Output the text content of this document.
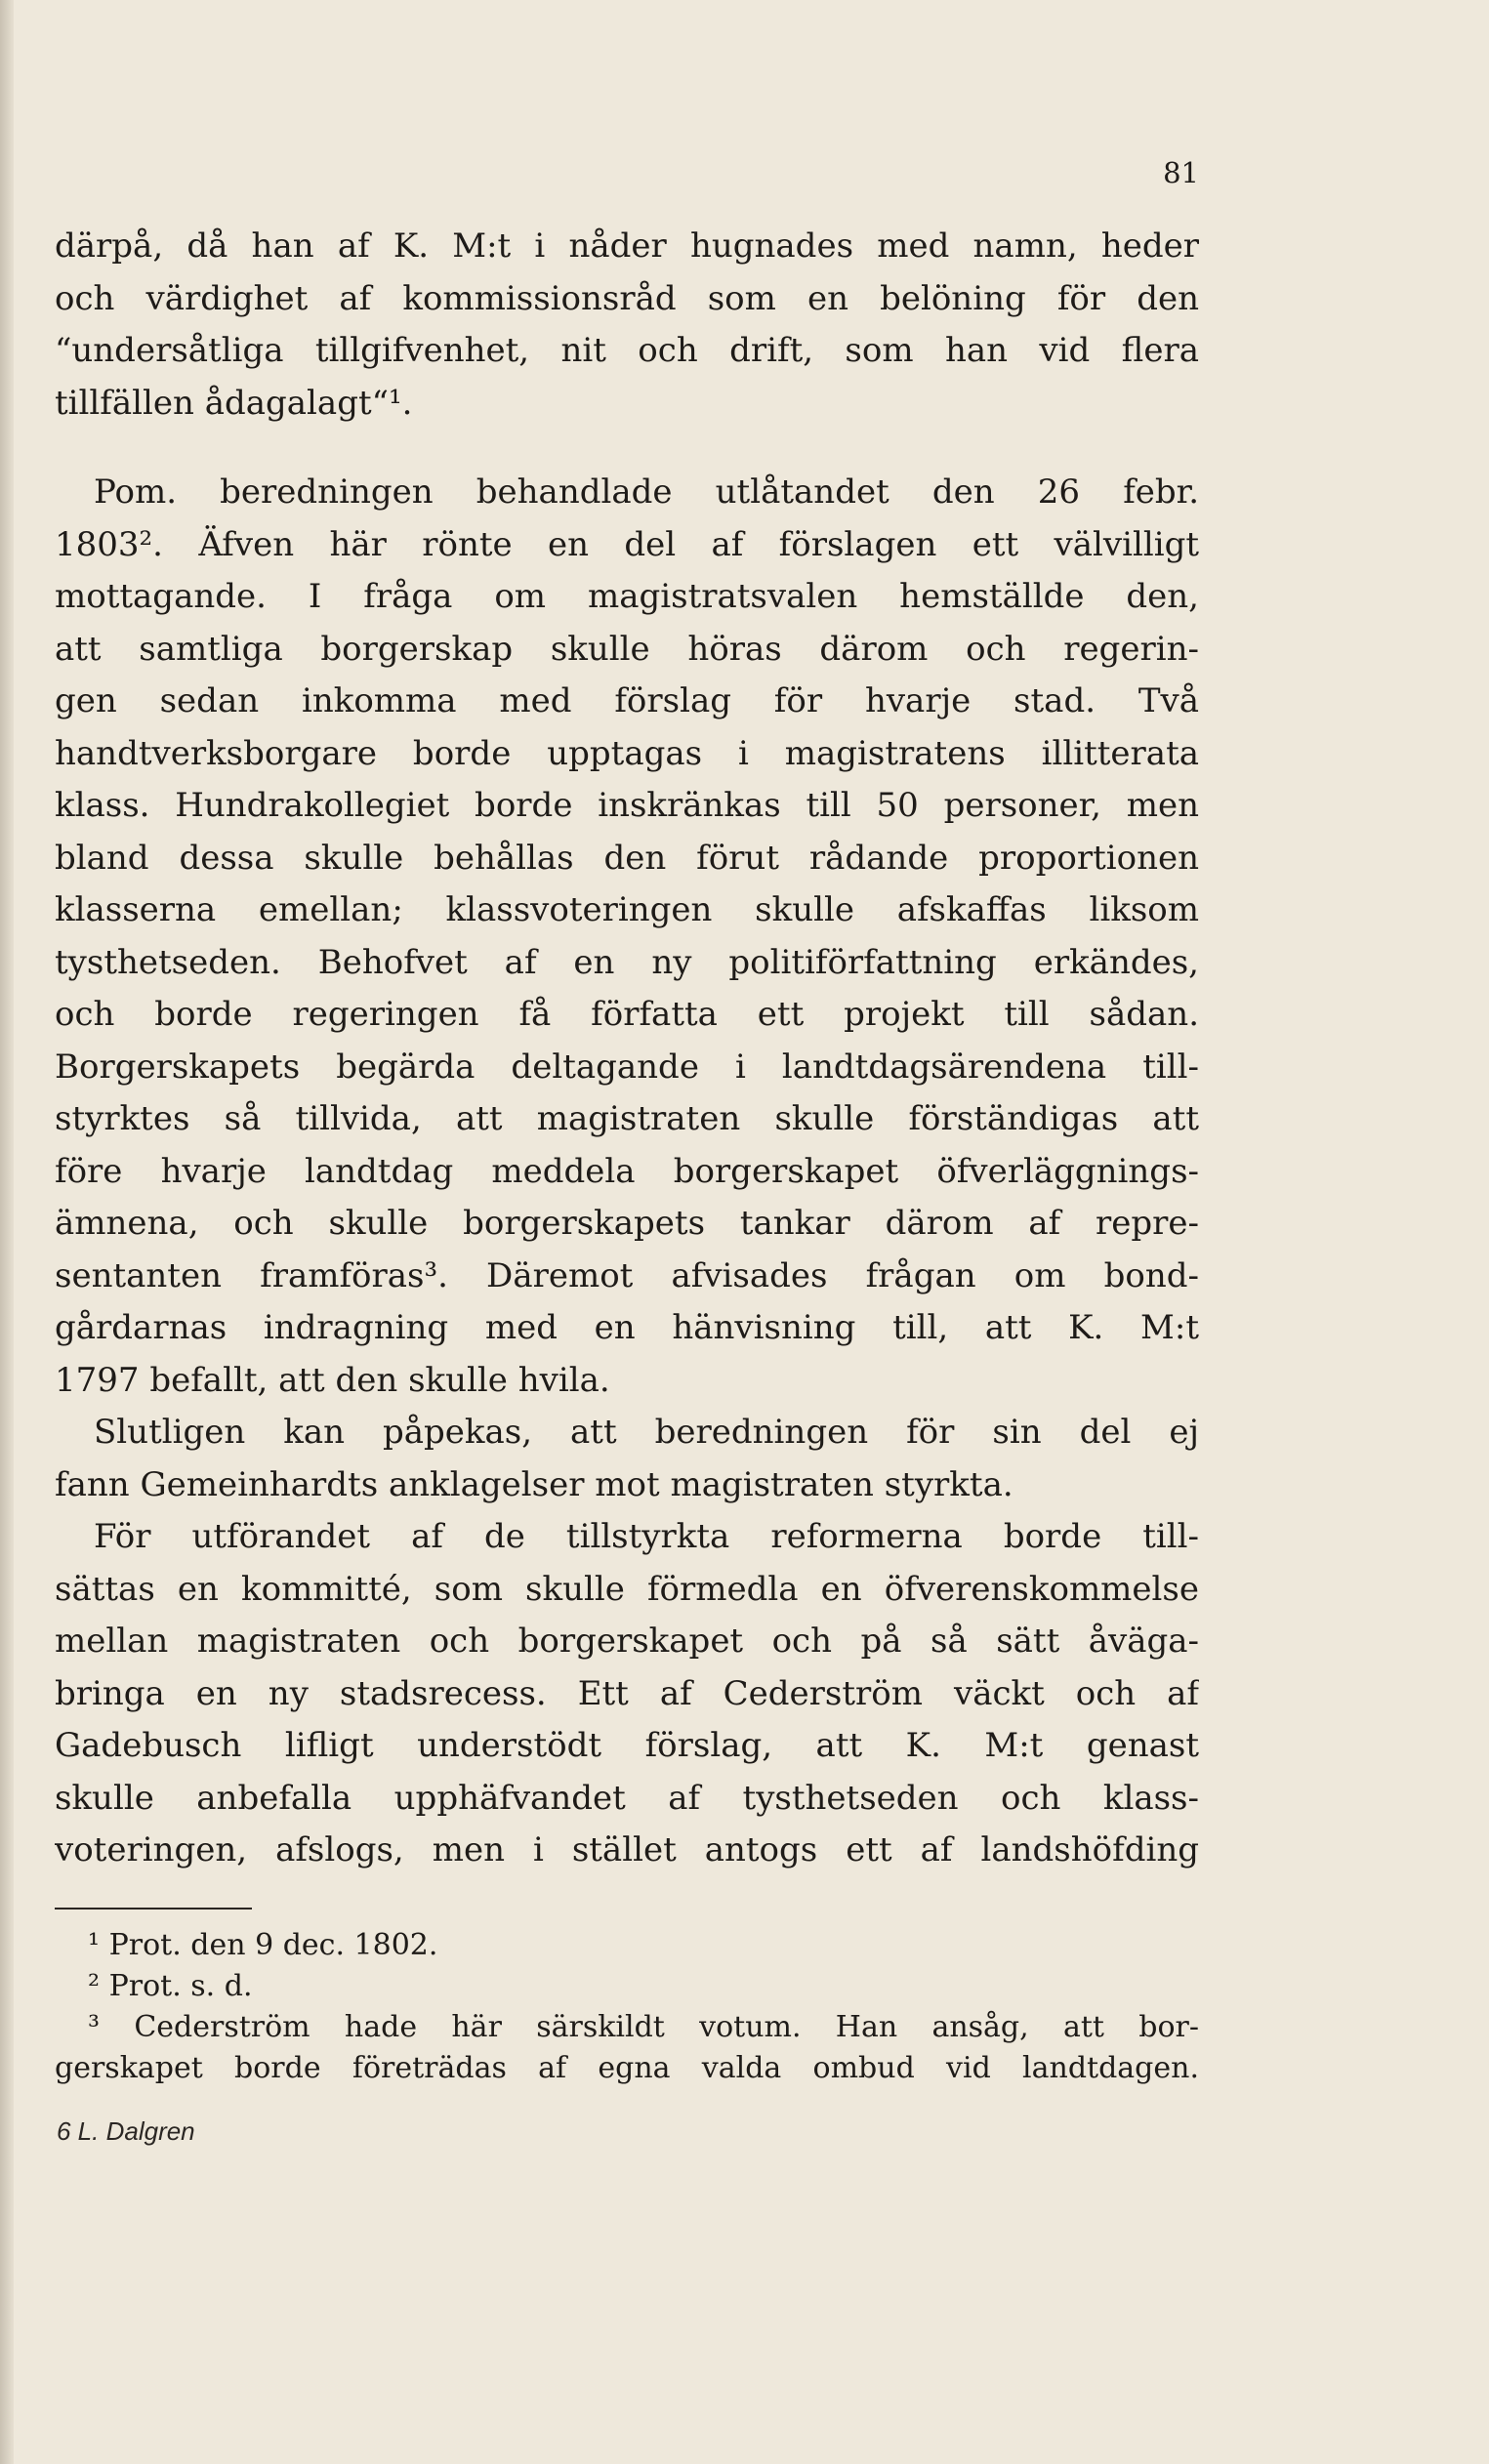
81
därpå, då han af K. M:t i nåder hugnades med namn, heder
och värdighet af kommissionsråd som en belöning för den
“undersåtliga tillgifvenhet, nit och drift, som han vid flera
tillfällen ådagalagt“¹.
Pom. beredningen behandlade utlåtandet den 26 febr.
1803². Äfven här rönte en del af förslagen ett välvilligt
mottagande. I fråga om magistratsvalen hemställde den,
att samtliga borgerskap skulle höras därom och regerin-
gen sedan inkomma med förslag för hvarje stad. Två
handtverksborgare borde upptagas i magistratens illitterata
klass. Hundrakollegiet borde inskränkas till 50 personer, men
bland dessa skulle behållas den förut rådande proportionen
klasserna emellan; klassvoteringen skulle afskaffas liksom
tysthetseden. Behofvet af en ny politiförfattning erkändes,
och borde regeringen få författa ett projekt till sådan.
Borgerskapets begärda deltagande i landtdagsärendena till-
styrktes så tillvida, att magistraten skulle förständigas att
före hvarje landtdag meddela borgerskapet öfverläggnings-
ämnena, och skulle borgerskapets tankar därom af repre-
sentanten framföras³. Däremot afvisades frågan om bond-
gårdarnas indragning med en hänvisning till, att K. M:t
1797 befallt, att den skulle hvila.
Slutligen kan påpekas, att beredningen för sin del ej
fann Gemeinhardts anklagelser mot magistraten styrkta.
För utförandet af de tillstyrkta reformerna borde till-
sättas en kommitté, som skulle förmedla en öfverenskommelse
mellan magistraten och borgerskapet och på så sätt åväga-
bringa en ny stadsrecess. Ett af Cederström väckt och af
Gadebusch lifligt understödt förslag, att K. M:t genast
skulle anbefalla upphäfvandet af tysthetseden och klass-
voteringen, afslogs, men i stället antogs ett af landshöfding
¹ Prot. den 9 dec. 1802.
² Prot. s. d.
³ Cederström hade här särskildt votum. Han ansåg, att bor-
gerskapet borde företrädas af egna valda ombud vid landtdagen.
6 L. Dalgren
